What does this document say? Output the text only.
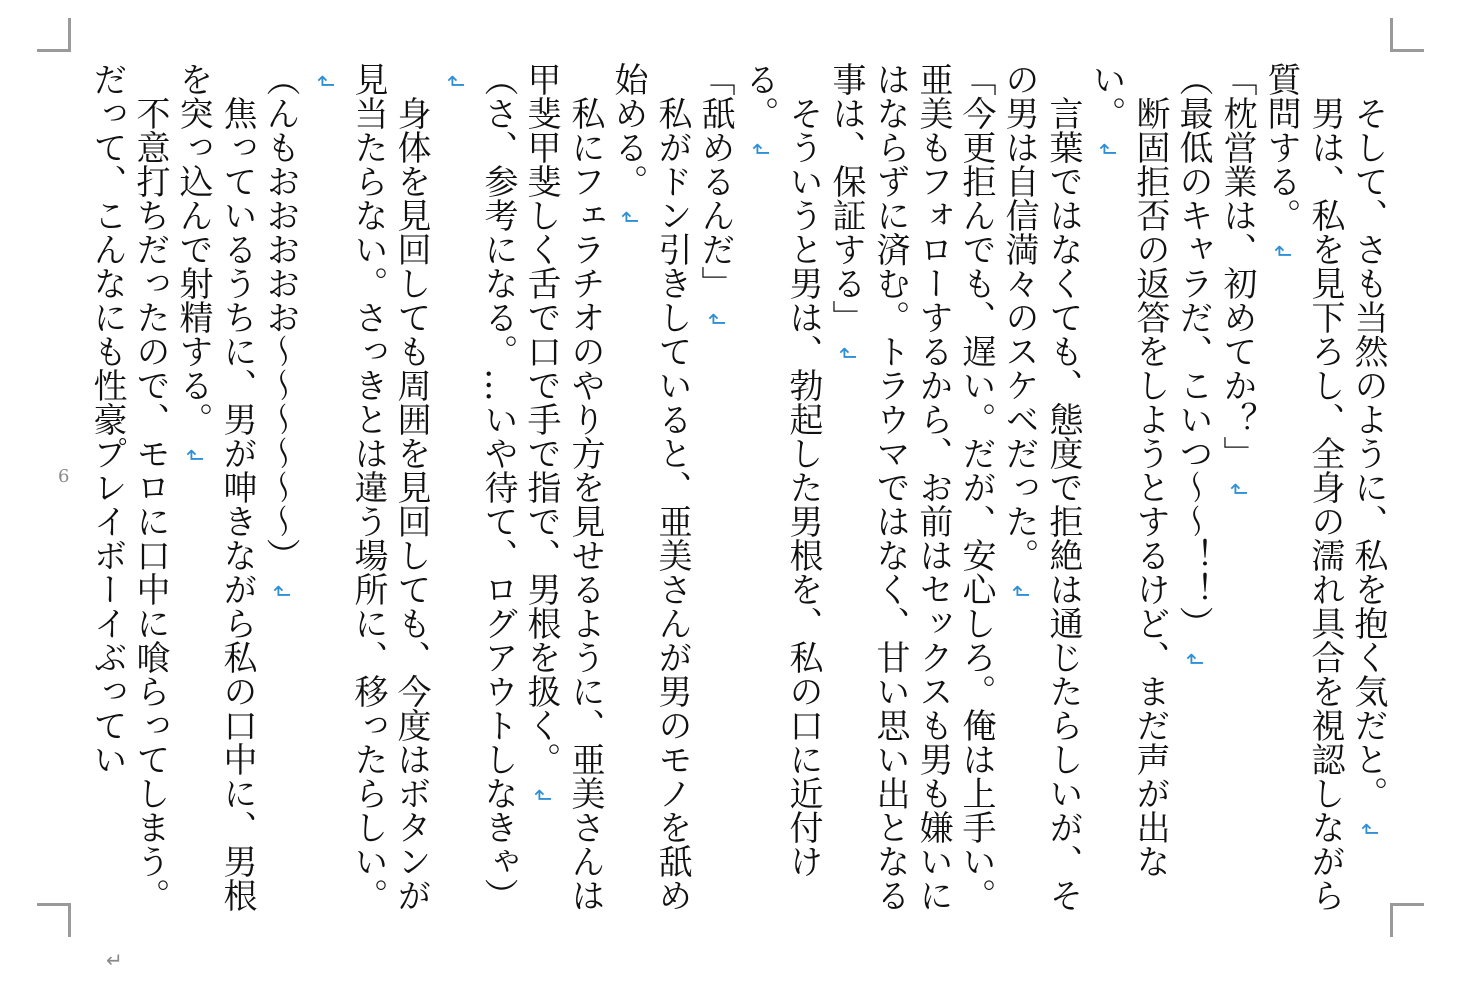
6
↵

　そして、さも当然のように、私を抱く気だと。↲

　男は、私を見下ろし、全身の濡れ具合を視認しながら質問する。↲

「枕営業は、初めてか？」↲

（最低のキャラだ、こいつ〜〜！！）↲

　断固拒否の返答をしようとするけど、まだ声が出ない。↲

　言葉ではなくても、態度で拒絶は通じたらしいが、その男は自信満々のスケベだった。↲

「今更拒んでも、遅い。だが、安心しろ。俺は上手い。亜美もフォローするから、お前はセックスも男も嫌いにはならずに済む。トラウマではなく、甘い思い出となる事は、保証する」↲

　そういうと男は、勃起した男根を、私の口に近付ける。↲

「舐めるんだ」↲

　私がドン引きしていると、亜美さんが男のモノを舐め始める。↲

　私にフェラチオのやり方を見せるように、亜美さんは甲斐甲斐しく舌で口で手で指で、男根を扱く。↲

（さ、参考になる。…いや待て、ログアウトしなきゃ）↲

　身体を見回しても周囲を見回しても、今度はボタンが見当たらない。さっきとは違う場所に、移ったらしい。↲

（んもおおおおお〜〜〜〜〜〜）↲

　焦っているうちに、男が呻きながら私の口中に、男根を突っ込んで射精する。↲

　不意打ちだったので、モロに口中に喰らってしまう。だって、こんなにも性豪プレイボーイぶってい
